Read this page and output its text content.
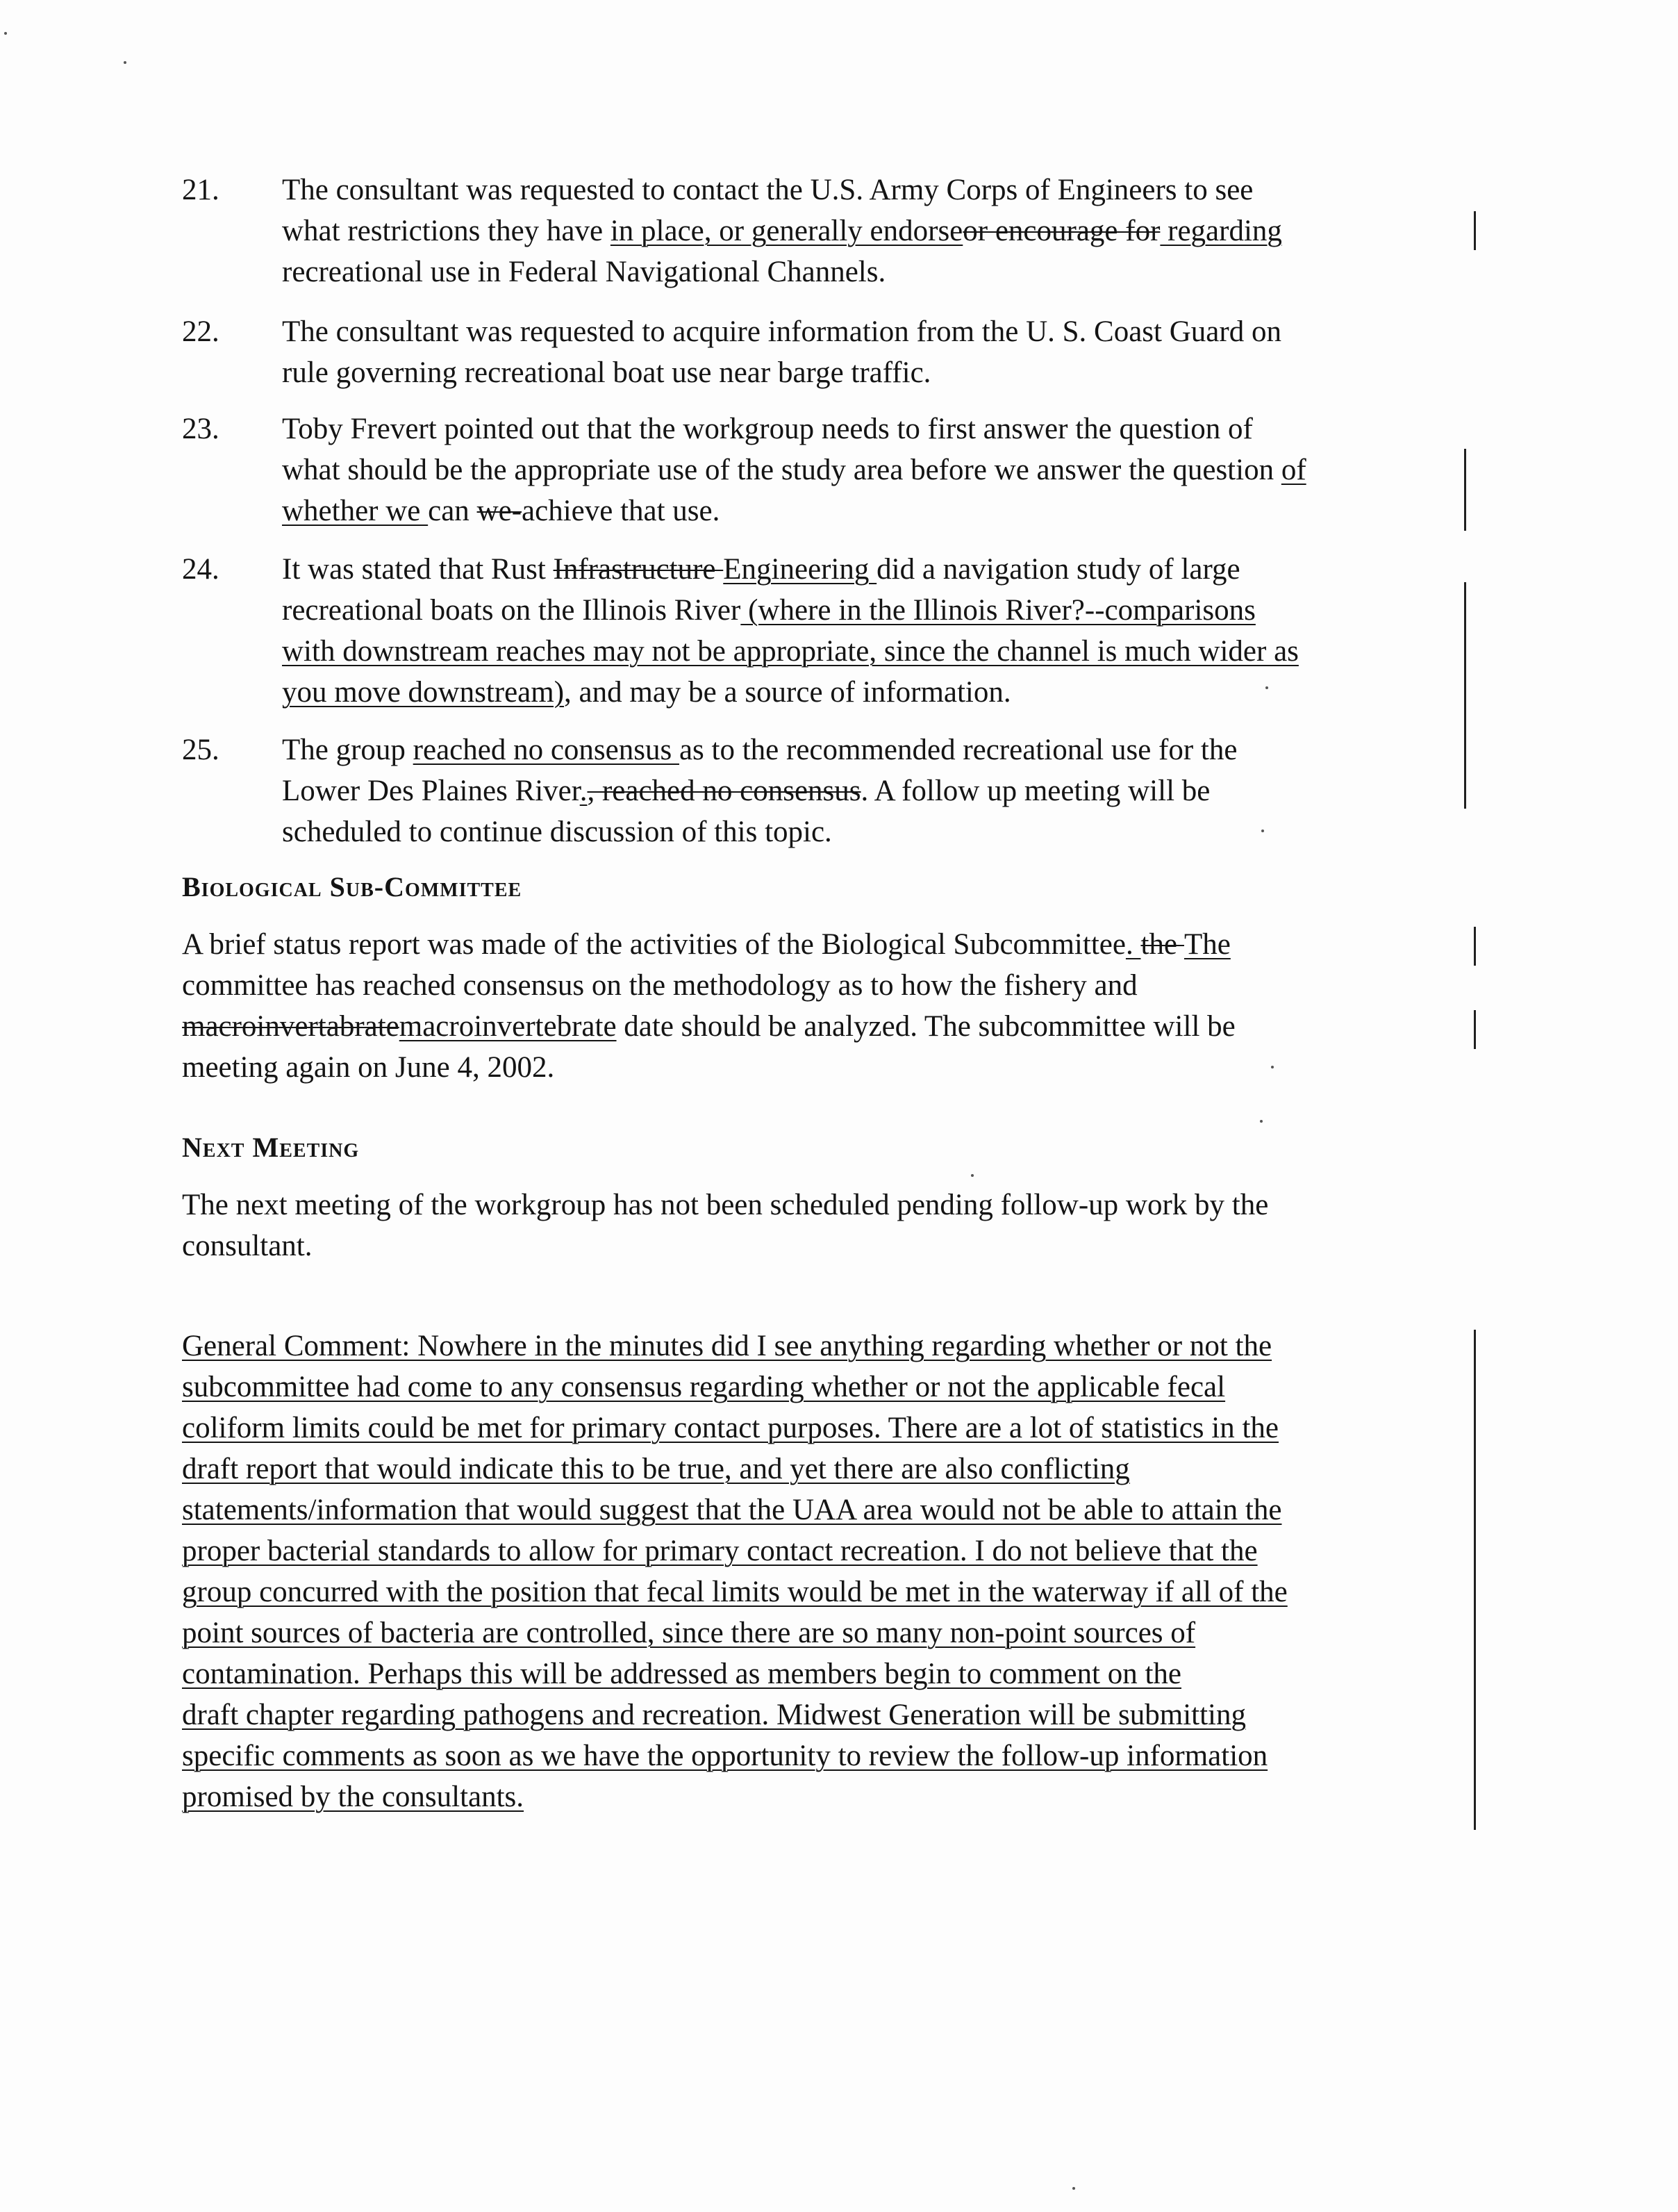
21. The consultant was requested to contact the U.S. Army Corps of Engineers to see
what restrictions they have in place, or generally endorseor encourage for regarding
recreational use in Federal Navigational Channels.
22. The consultant was requested to acquire information from the U. S. Coast Guard on
rule governing recreational boat use near barge traffic.
23. Toby Frevert pointed out that the workgroup needs to first answer the question of
what should be the appropriate use of the study area before we answer the question of
whether we can we-achieve that use.
24. It was stated that Rust Infrastructure Engineering did a navigation study of large
recreational boats on the Illinois River (where in the Illinois River?--comparisons
with downstream reaches may not be appropriate, since the channel is much wider as
you move downstream), and may be a source of information.
25. The group reached no consensus as to the recommended recreational use for the
Lower Des Plaines River., reached no consensus. A follow up meeting will be
scheduled to continue discussion of this topic.
Biological Sub-Committee
A brief status report was made of the activities of the Biological Subcommittee. the The
committee has reached consensus on the methodology as to how the fishery and
macroinvertabratemacroinvertebrate date should be analyzed. The subcommittee will be
meeting again on June 4, 2002.
Next Meeting
The next meeting of the workgroup has not been scheduled pending follow-up work by the
consultant.
General Comment: Nowhere in the minutes did I see anything regarding whether or not the
subcommittee had come to any consensus regarding whether or not the applicable fecal
coliform limits could be met for primary contact purposes. There are a lot of statistics in the
draft report that would indicate this to be true, and yet there are also conflicting
statements/information that would suggest that the UAA area would not be able to attain the
proper bacterial standards to allow for primary contact recreation. I do not believe that the
group concurred with the position that fecal limits would be met in the waterway if all of the
point sources of bacteria are controlled, since there are so many non-point sources of
contamination. Perhaps this will be addressed as members begin to comment on the
draft chapter regarding pathogens and recreation. Midwest Generation will be submitting
specific comments as soon as we have the opportunity to review the follow-up information
promised by the consultants.
